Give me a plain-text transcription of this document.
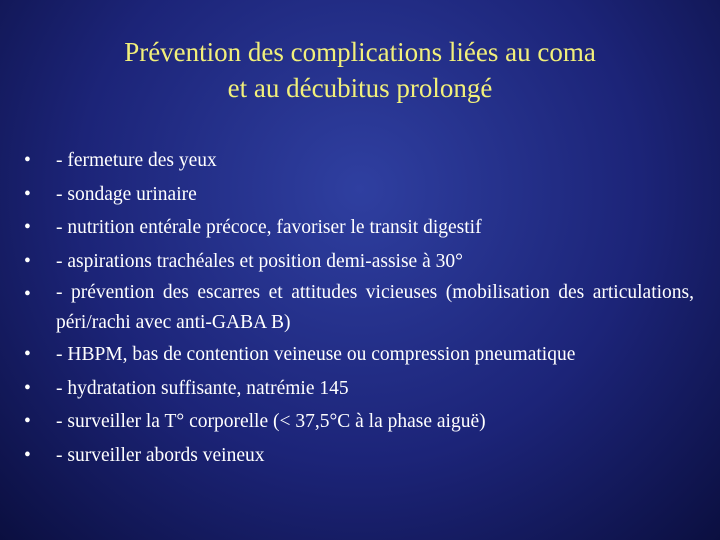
Prévention des complications liées au coma
et au décubitus prolongé
• - fermeture des yeux
• - sondage urinaire
• - nutrition entérale précoce, favoriser le transit digestif
• - aspirations trachéales et position demi-assise à 30°
• - prévention des escarres et attitudes vicieuses (mobilisation des articulations, péri/rachi avec anti-GABA B)
• - HBPM, bas de contention veineuse ou compression pneumatique
• - hydratation suffisante, natrémie 145
• - surveiller la T° corporelle (< 37,5°C à la phase aiguë)
• - surveiller abords veineux
